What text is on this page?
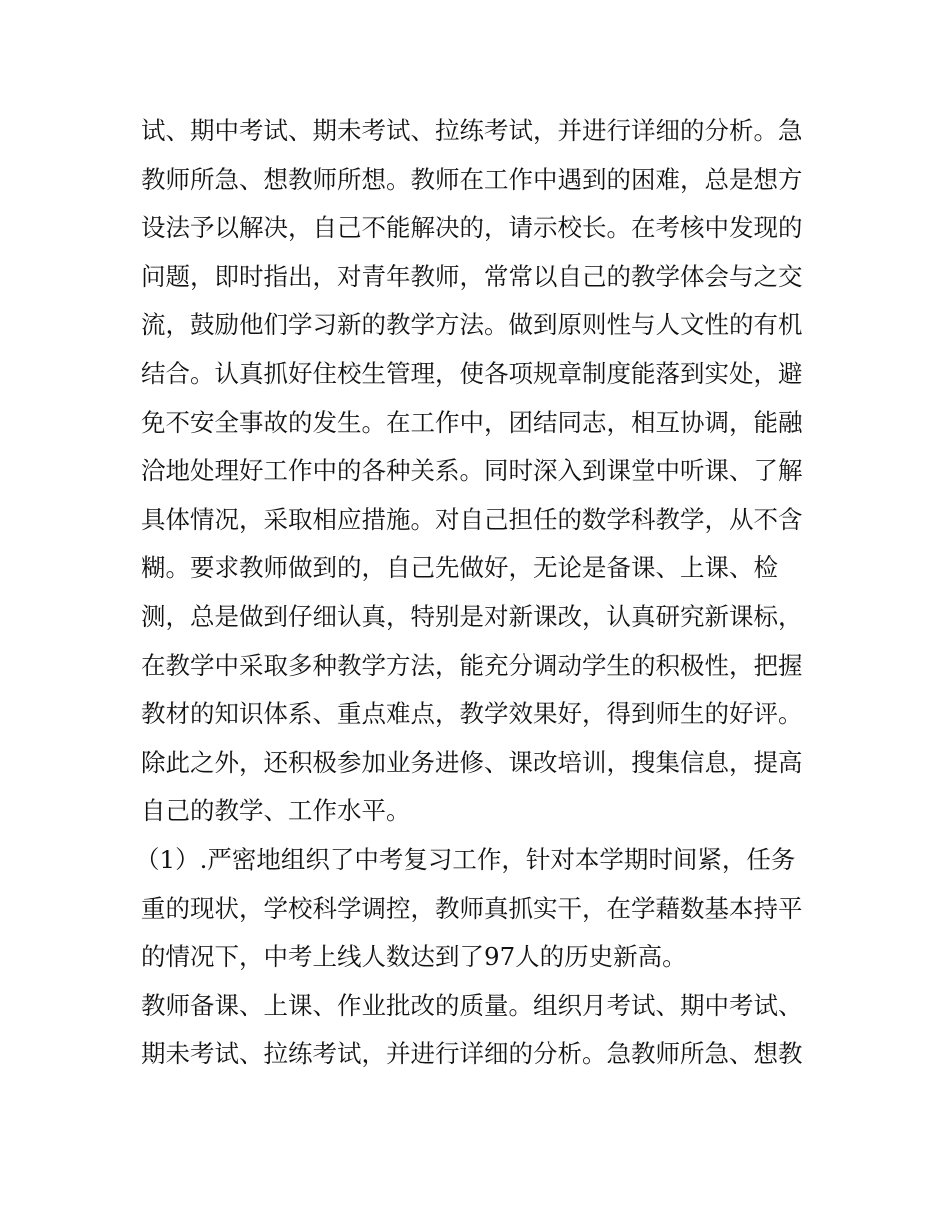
试、期中考试、期未考试、拉练考试，并进行详细的分析。急
教师所急、想教师所想。教师在工作中遇到的困难，总是想方
设法予以解决，自己不能解决的，请示校长。在考核中发现的
问题，即时指出，对青年教师，常常以自己的教学体会与之交
流，鼓励他们学习新的教学方法。做到原则性与人文性的有机
结合。认真抓好住校生管理，使各项规章制度能落到实处，避
免不安全事故的发生。在工作中，团结同志，相互协调，能融
洽地处理好工作中的各种关系。同时深入到课堂中听课、了解
具体情况，采取相应措施。对自己担任的数学科教学，从不含
糊。要求教师做到的，自己先做好，无论是备课、上课、检
测，总是做到仔细认真，特别是对新课改，认真研究新课标，
在教学中采取多种教学方法，能充分调动学生的积极性，把握
教材的知识体系、重点难点，教学效果好，得到师生的好评。
除此之外，还积极参加业务进修、课改培训，搜集信息，提高
自己的教学、工作水平。
（1）.严密地组织了中考复习工作，针对本学期时间紧，任务
重的现状，学校科学调控，教师真抓实干，在学藉数基本持平
的情况下，中考上线人数达到了97人的历史新高。
教师备课、上课、作业批改的质量。组织月考试、期中考试、
期未考试、拉练考试，并进行详细的分析。急教师所急、想教
